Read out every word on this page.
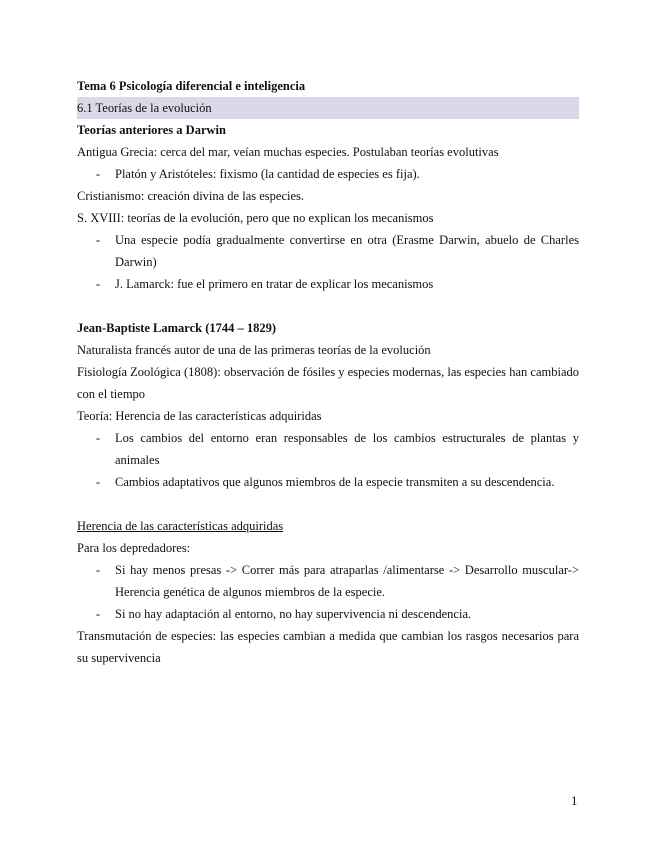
Tema 6 Psicología diferencial e inteligencia
6.1 Teorías de la evolución
Teorías anteriores a Darwin
Antigua Grecia: cerca del mar, veían muchas especies. Postulaban teorías evolutivas
- Platón y Aristóteles: fixismo (la cantidad de especies es fija).
Cristianismo: creación divina de las especies.
S. XVIII: teorías de la evolución, pero que no explican los mecanismos
- Una especie podía gradualmente convertirse en otra (Erasme Darwin, abuelo de Charles Darwin)
- J. Lamarck: fue el primero en tratar de explicar los mecanismos
Jean-Baptiste Lamarck (1744 – 1829)
Naturalista francés autor de una de las primeras teorías de la evolución
Fisiología Zoológica (1808): observación de fósiles y especies modernas, las especies han cambiado con el tiempo
Teoría: Herencia de las características adquiridas
- Los cambios del entorno eran responsables de los cambios estructurales de plantas y animales
- Cambios adaptativos que algunos miembros de la especie transmiten a su descendencia.
Herencia de las características adquiridas
Para los depredadores:
- Si hay menos presas -> Correr más para atraparlas /alimentarse -> Desarrollo muscular-> Herencia genética de algunos miembros de la especie.
- Si no hay adaptación al entorno, no hay supervivencia ni descendencia.
Transmutación de especies: las especies cambian a medida que cambian los rasgos necesarios para su supervivencia
1
